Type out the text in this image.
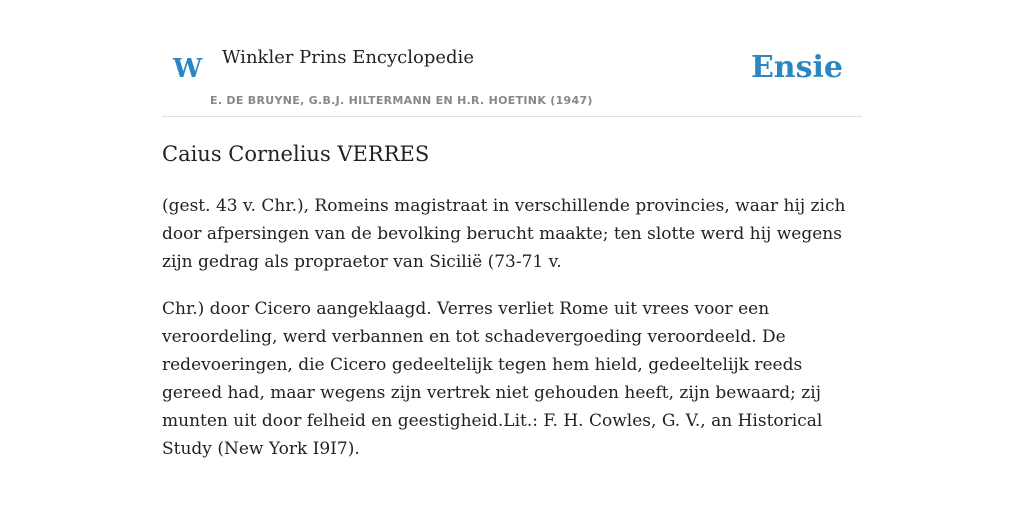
W Winkler Prins Encyclopedie
E. DE BRUYNE, G.B.J. HILTERMANN EN H.R. HOETINK (1947)
Ensie
Caius Cornelius VERRES

(gest. 43 v. Chr.), Romeins magistraat in verschillende provincies, waar hij zich door afpersingen van de bevolking berucht maakte; ten slotte werd hij wegens zijn gedrag als propraetor van Sicilië (73-71 v.

Chr.) door Cicero aangeklaagd. Verres verliet Rome uit vrees voor een veroordeling, werd verbannen en tot schadevergoeding veroordeeld. De redevoeringen, die Cicero gedeeltelijk tegen hem hield, gedeeltelijk reeds gereed had, maar wegens zijn vertrek niet gehouden heeft, zijn bewaard; zij munten uit door felheid en geestigheid.Lit.: F. H. Cowles, G. V., an Historical Study (New York I9I7).
